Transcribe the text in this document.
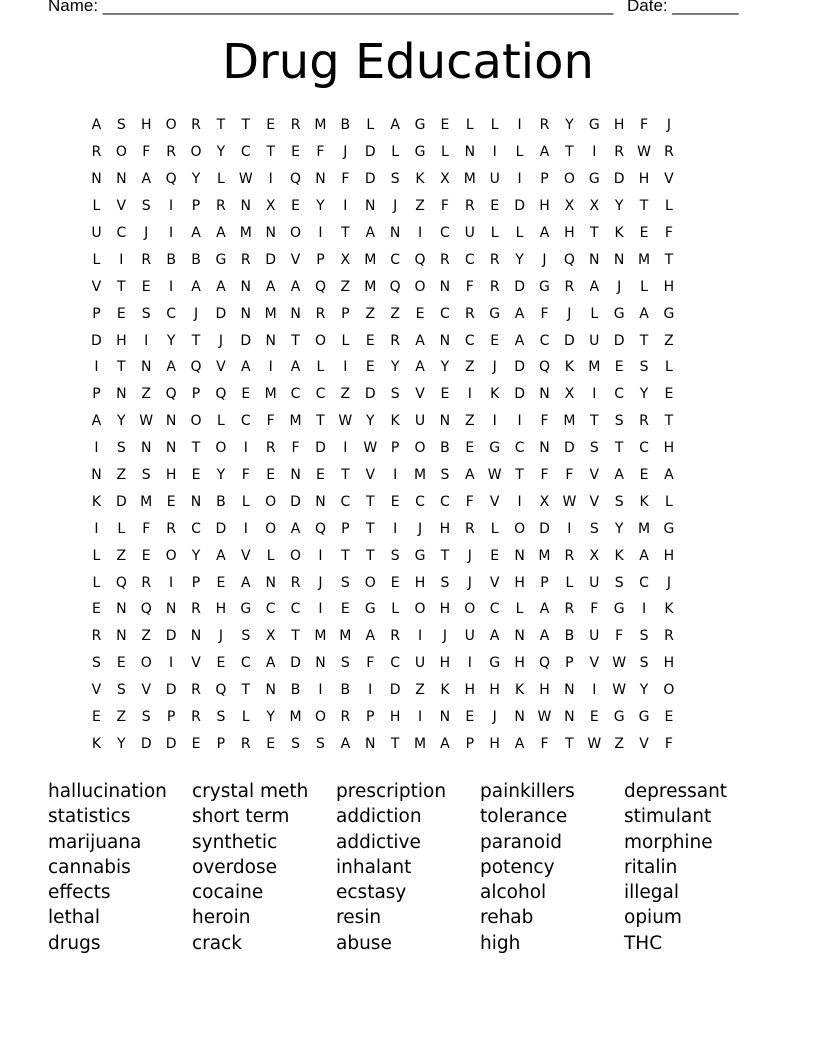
Name: ______________________________________________________ Date: _______
Drug Education
A	S	H	O	R	T	T	E	R M	B	L	A	G	E	L	L	I	R	Y	G	H	F	J
R	O	F	R	O	Y	C	T	E	F	J	D	L	G	L	N	I	L	A	T	I	R W R
N	N	A	Q	Y	L	W	I	Q	N	F	D	S	K	X	M U	I	P	O G	D	H	V
L	V	S	I	P	R	N	X	E	Y	I	N	J	Z	F	R	E	D	H	X	X	Y	T	L
U	C	J	I	A	A	M N	O	I	T	A	N	I	C	U	L	L	A	H	T	K	E	F
L	I	R	B	B	G	R	D	V	P	X	M C	Q	R	C	R	Y	J	Q	N	N M	T
V	T	E	I	A	A	N	A	A	Q	Z	M Q O	N	F	R	D	G	R	A	J	L	H
P	E	S	C	J	D	N M N	R	P	Z	Z	E	C	R	G	A	F	J	L	G	A	G
D	H	I	Y	T	J	D	N	T	O	L	E	R	A	N	C	E	A	C	D	U	D	T	Z
I	T	N	A	Q	V	A	I	A	L	I	E	Y	A	Y	Z	J	D Q	K	M	E	S	L
P	N	Z	Q	P	Q	E	M C	C	Z	D	S	V	E	I	K	D	N	X	I	C	Y	E
A	Y W N	O	L	C	F	M	T W Y	K	U	N	Z	I	I	F	M	T	S	R	T
I	S	N	N	T	O	I	R	F	D	I	W P	O	B	E	G	C	N	D	S	T	C	H
N	Z	S	H	E	Y	F	E	N	E	T	V	I	M	S	A W T	F	F	V	A	E	A
K	D M	E	N	B	L	O D	N	C	T	E	C	C	F	V	I	X W V	S	K	L
I	L	F	R	C	D	I	O	A	Q	P	T	I	J	H	R	L	O D	I	S	Y	M G
L	Z	E	O	Y	A	V	L	O	I	T	T	S	G	T	J	E	N M R	X	K	A	H
L	Q	R	I	P	E	A	N	R	J	S	O	E	H	S	J	V	H	P	L	U	S	C	J
E	N	Q	N	R	H	G	C	C	I	E	G	L	O	H	O	C	L	A	R	F	G	I	K
R	N	Z	D	N	J	S	X	T	M M	A	R	I	J	U	A	N	A	B	U	F	S	R
S	E	O	I	V	E	C	A	D	N	S	F	C	U	H	I	G	H	Q	P	V W S	H
V	S	V	D	R	Q	T	N	B	I	B	I	D	Z	K	H	H	K	H	N	I	W Y	O
E	Z	S	P	R	S	L	Y	M O	R	P	H	I	N	E	J	N W N	E	G	G	E
K	Y	D	D	E	P	R	E	S	S	A	N	T	M	A	P	H	A	F	T W Z	V	F
hallucination	crystal meth	prescription	painkillers	depressant
statistics	short term	addiction	tolerance	stimulant
marijuana	synthetic	addictive	paranoid	morphine
cannabis	overdose	inhalant	potency	ritalin
effects	cocaine	ecstasy	alcohol	illegal
lethal	heroin	resin	rehab	opium
drugs	crack	abuse	high	THC
